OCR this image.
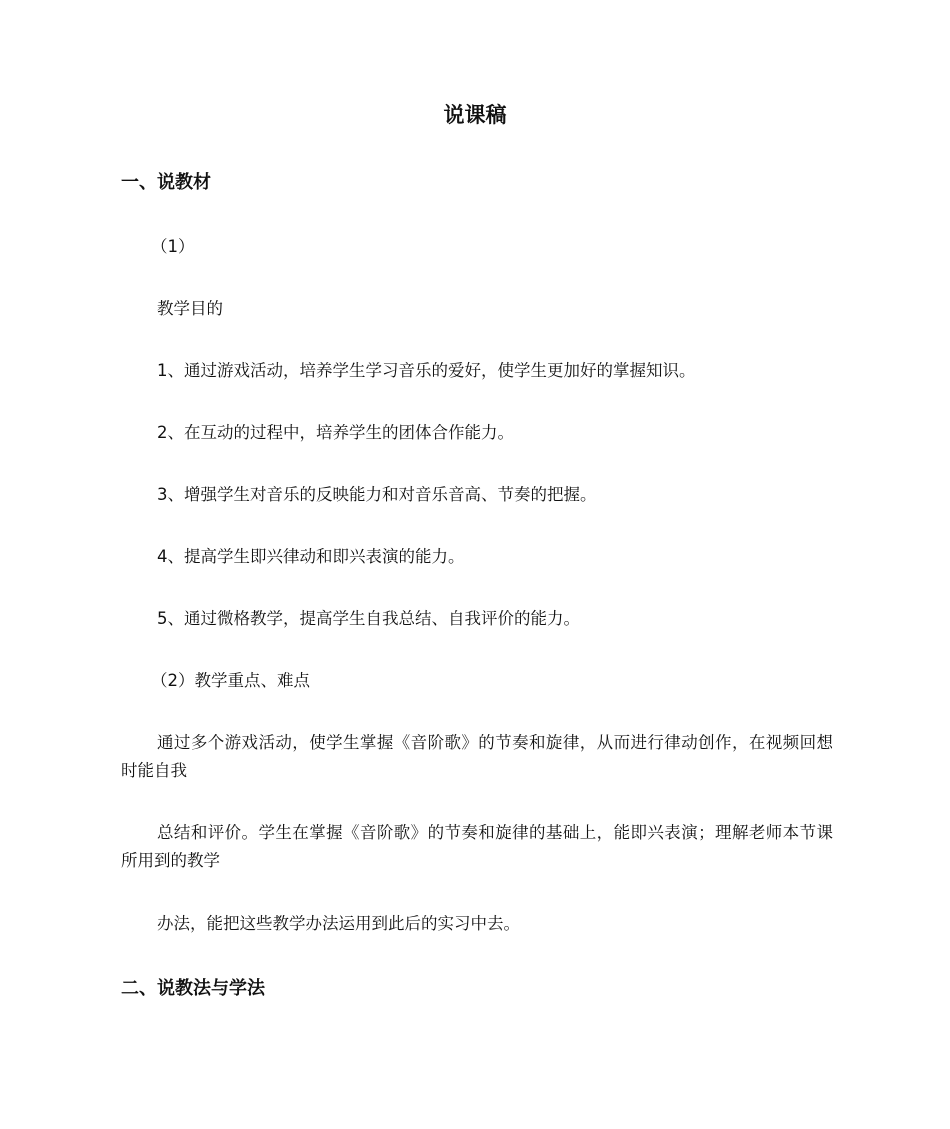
说课稿
一、说教材
（1）
教学目的
1、通过游戏活动，培养学生学习音乐的爱好，使学生更加好的掌握知识。
2、在互动的过程中，培养学生的团体合作能力。
3、增强学生对音乐的反映能力和对音乐音高、节奏的把握。
4、提高学生即兴律动和即兴表演的能力。
5、通过微格教学，提高学生自我总结、自我评价的能力。
（2）教学重点、难点
通过多个游戏活动，使学生掌握《音阶歌》的节奏和旋律，从而进行律动创作，在视频回想时能自我
总结和评价。学生在掌握《音阶歌》的节奏和旋律的基础上，能即兴表演；理解老师本节课所用到的教学
办法，能把这些教学办法运用到此后的实习中去。
二、说教法与学法
